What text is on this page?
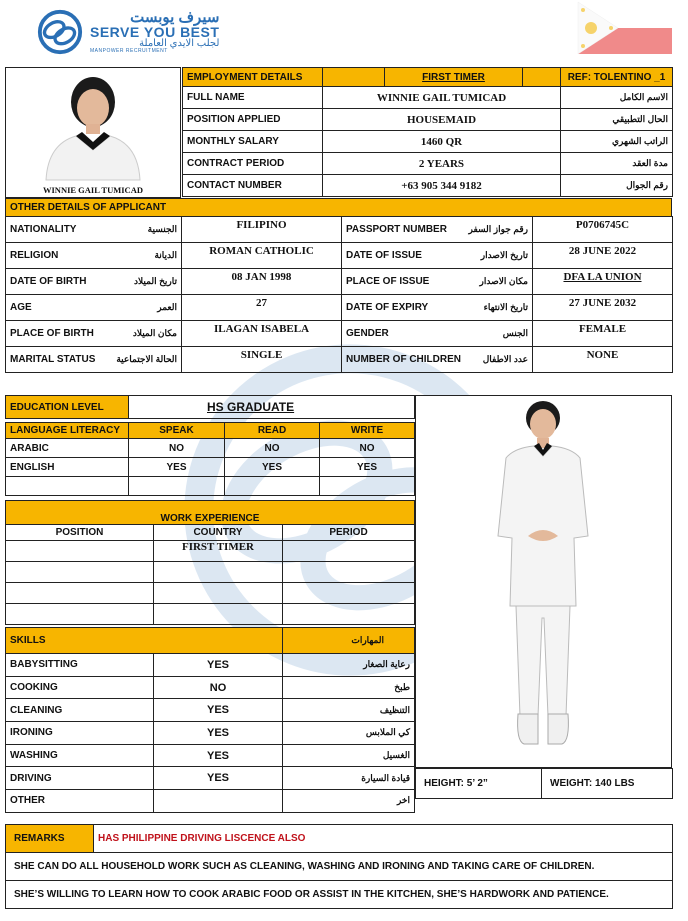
سيرف يوبست
SERVE YOU BEST
لجلب الايدي العاملة
MANPOWER RECRUITMENT
WINNIE GAIL TUMICAD
EMPLOYMENT DETAILS		FIRST TIMER		REF: TOLENTINO _1
FULL NAME	WINNIE GAIL TUMICAD	الاسم الكامل
POSITION APPLIED	HOUSEMAID	الحال التطبيقي
MONTHLY SALARY	1460 QR	الراتب الشهري
CONTRACT PERIOD	2 YEARS	مدة العقد
CONTACT NUMBER	+63 905 344 9182	رقم الجوال
OTHER DETAILS OF APPLICANT
NATIONALITY	الجنسية	FILIPINO	PASSPORT NUMBER	رقم جواز السفر	P0706745C
RELIGION	الديانة	ROMAN CATHOLIC	DATE OF ISSUE	تاريخ الاصدار	28 JUNE 2022
DATE OF BIRTH	تاريخ الميلاد	08 JAN 1998	PLACE OF ISSUE	مكان الاصدار	DFA LA UNION
AGE	العمر	27	DATE OF EXPIRY	تاريخ الانتهاء	27 JUNE 2032
PLACE OF BIRTH	مكان الميلاد	ILAGAN ISABELA	GENDER	الجنس	FEMALE
MARITAL STATUS	الحالة الاجتماعية	SINGLE	NUMBER OF CHILDREN	عدد الاطفال	NONE
EDUCATION LEVEL	HS GRADUATE
LANGUAGE LITERACY	SPEAK	READ	WRITE
ARABIC	NO	NO	NO
ENGLISH	YES	YES	YES

WORK EXPERIENCE		
POSITION	COUNTRY	PERIOD
	FIRST TIMER	

SKILLS		المهارات
BABYSITTING	YES	رعاية الصغار
COOKING	NO	طبخ
CLEANING	YES	التنظيف
IRONING	YES	كي الملابس
WASHING	YES	الغسيل
DRIVING	YES	قيادة السيارة
OTHER		اخر
HEIGHT: 5’ 2”	WEIGHT: 140 LBS
REMARKS	HAS PHILIPPINE DRIVING LISCENCE ALSO
SHE CAN DO ALL HOUSEHOLD WORK SUCH AS CLEANING, WASHING AND IRONING AND TAKING CARE OF CHILDREN.
SHE’S WILLING TO LEARN HOW TO COOK ARABIC FOOD OR ASSIST IN THE KITCHEN, SHE’S HARDWORK AND PATIENCE.
